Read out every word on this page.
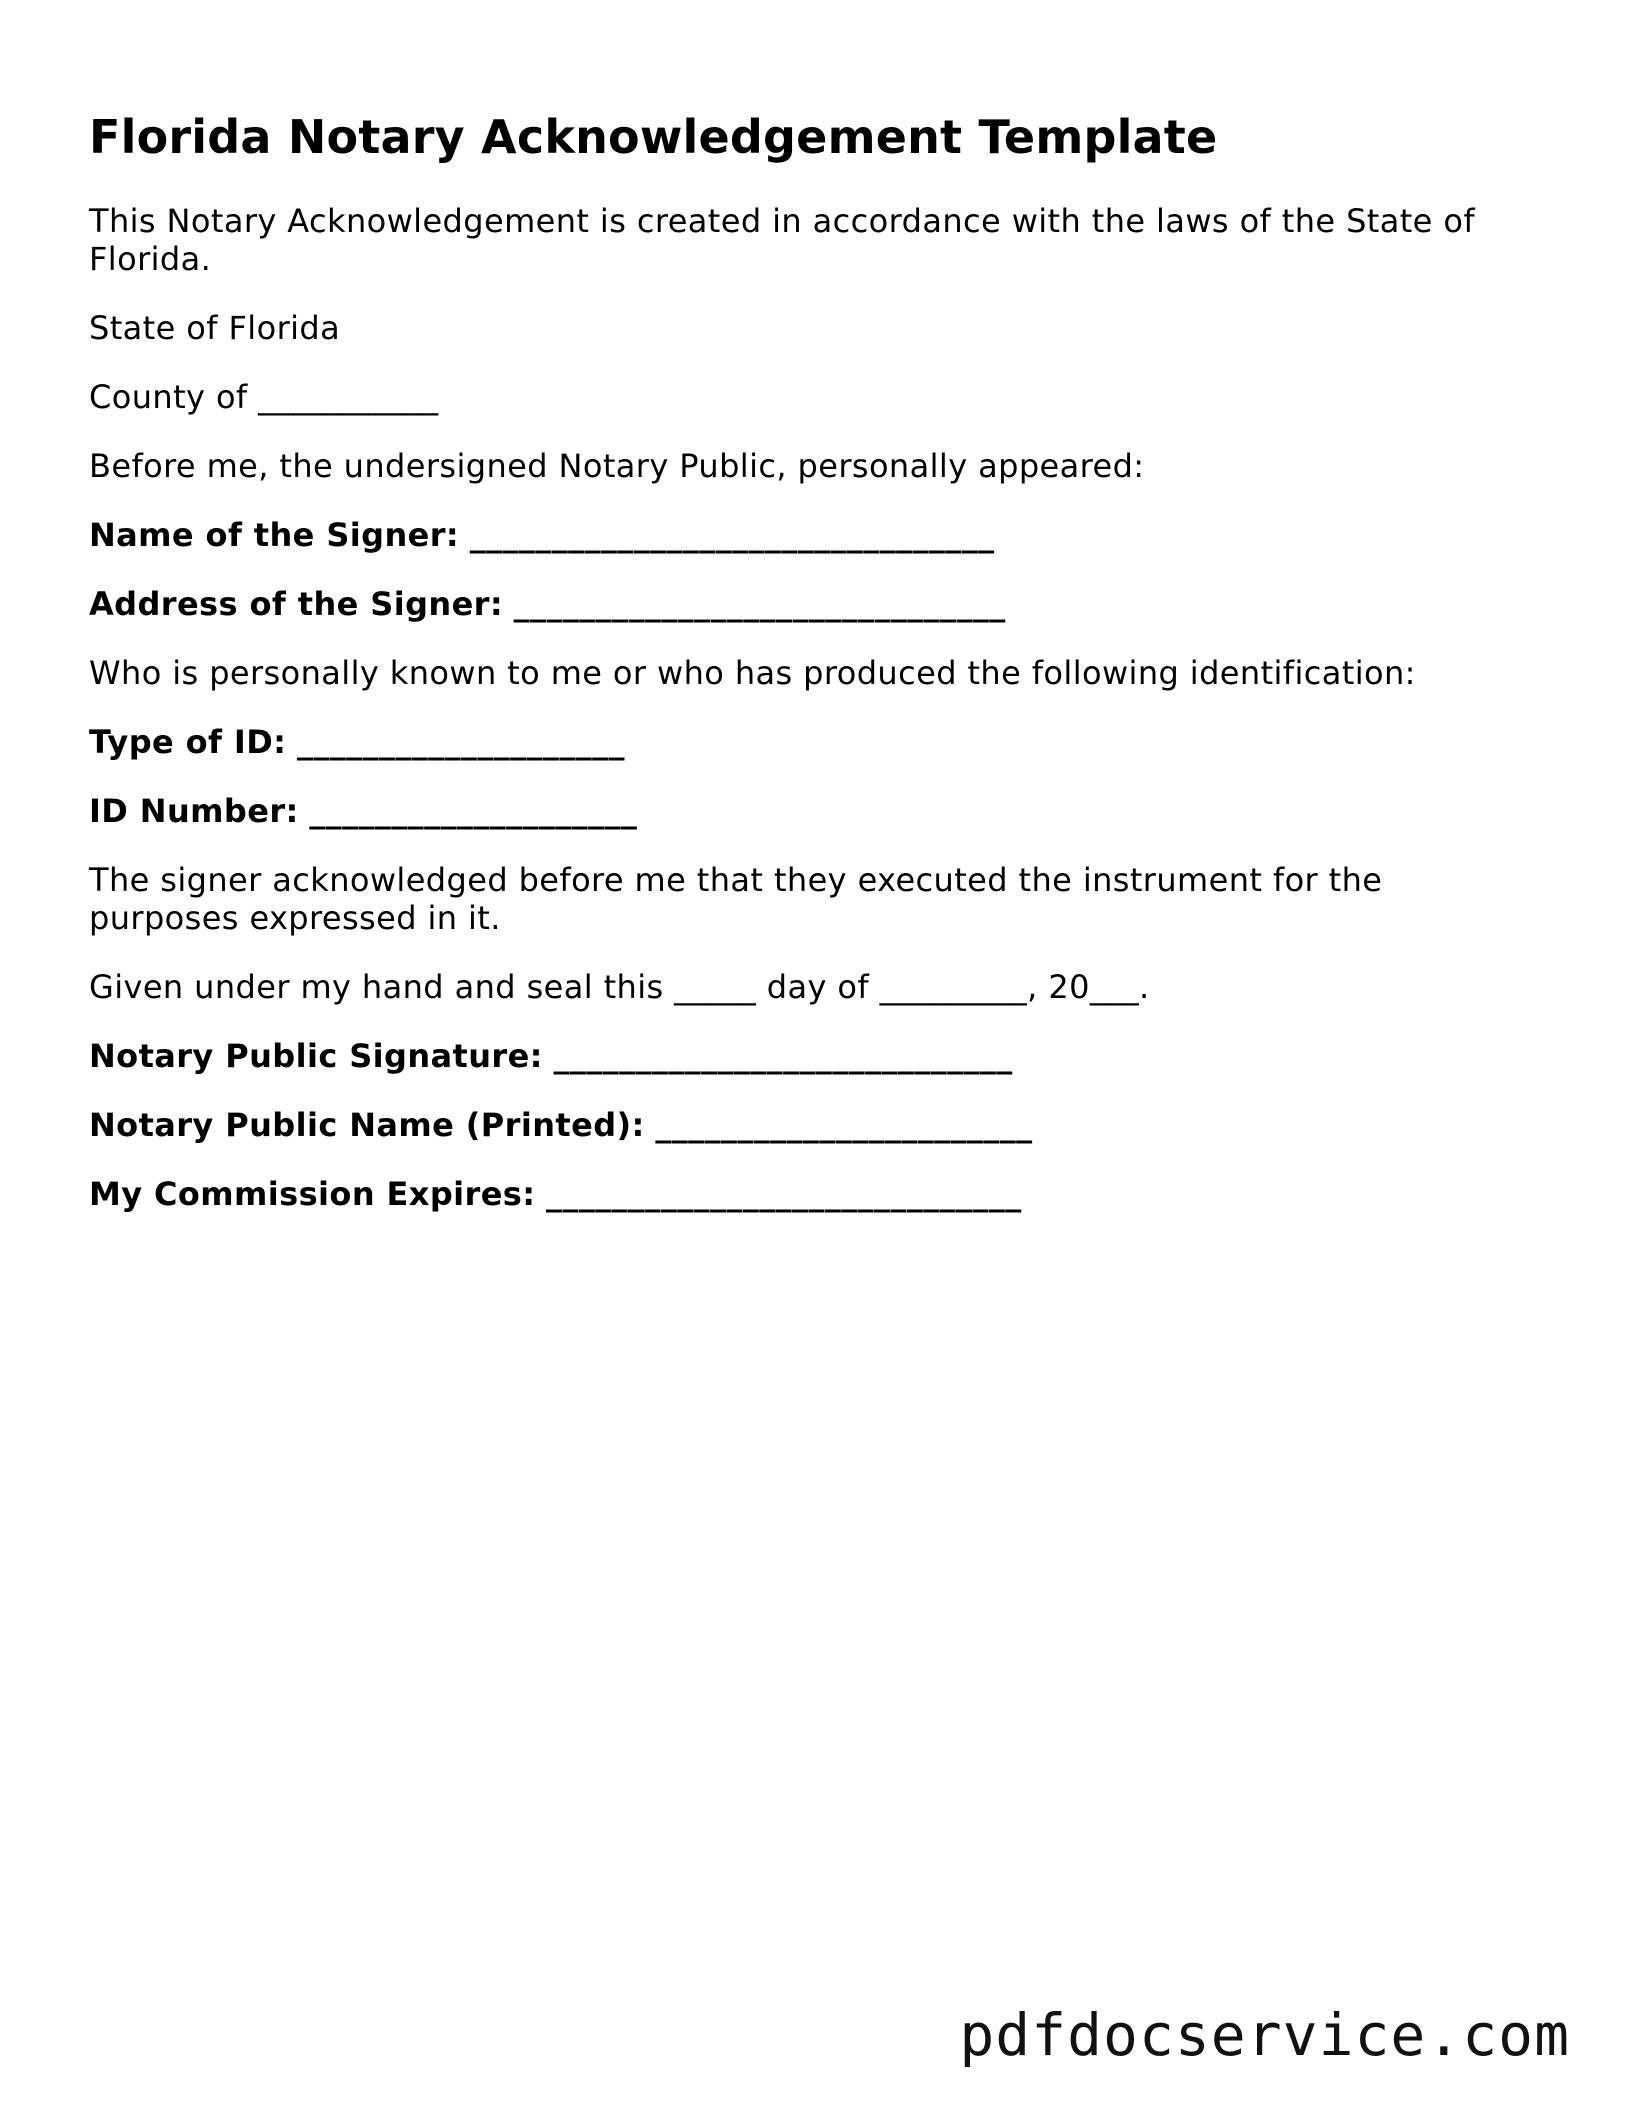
Florida Notary Acknowledgement Template

This Notary Acknowledgement is created in accordance with the laws of the State of Florida.

State of Florida

County of ___________

Before me, the undersigned Notary Public, personally appeared:

Name of the Signer: ________________________________

Address of the Signer: ______________________________

Who is personally known to me or who has produced the following identification:

Type of ID: ____________________

ID Number: ____________________

The signer acknowledged before me that they executed the instrument for the purposes expressed in it.

Given under my hand and seal this _____ day of _________, 20___.

Notary Public Signature: ____________________________

Notary Public Name (Printed): _______________________

My Commission Expires: _____________________________

pdfdocservice.com
